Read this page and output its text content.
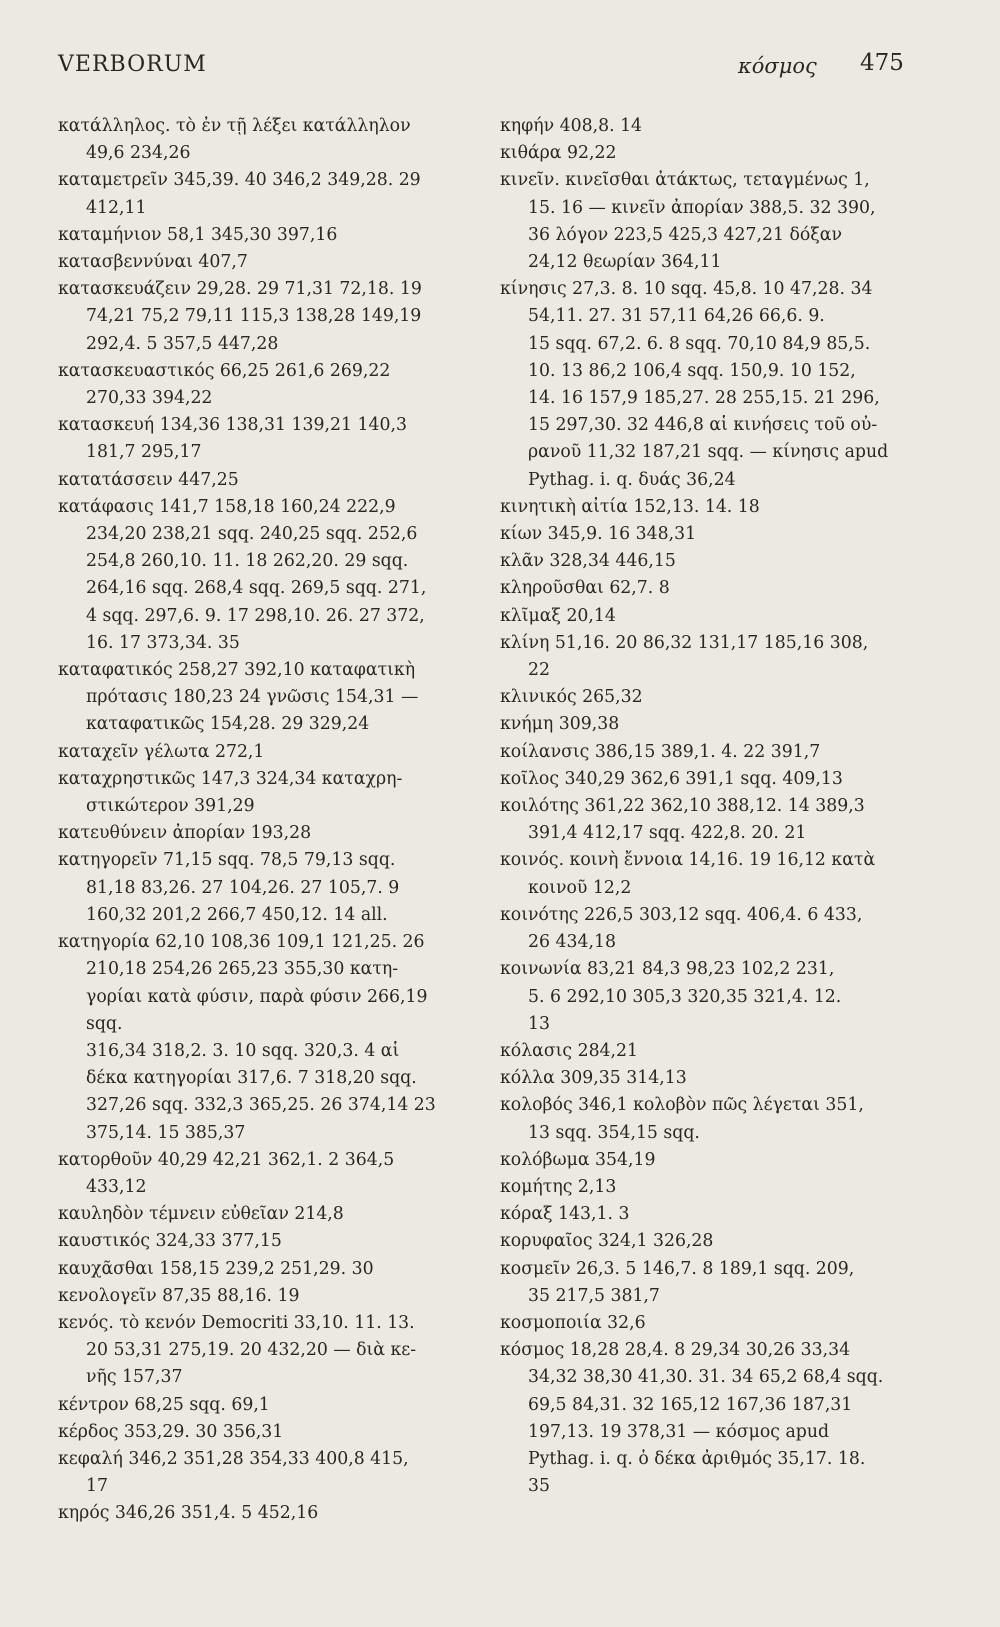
VERBORUM	κόσμος 475
κατάλληλος. τὸ ἐν τῇ λέξει κατάλληλον
49,6 234,26
καταμετρεῖν 345,39. 40 346,2 349,28. 29
412,11
καταμήνιον 58,1 345,30 397,16
κατασβεννύναι 407,7
κατασκευάζειν 29,28. 29 71,31 72,18. 19
74,21 75,2 79,11 115,3 138,28 149,19
292,4. 5 357,5 447,28
κατασκευαστικός 66,25 261,6 269,22
270,33 394,22
κατασκευή 134,36 138,31 139,21 140,3
181,7 295,17
κατατάσσειν 447,25
κατάφασις 141,7 158,18 160,24 222,9
234,20 238,21 sqq. 240,25 sqq. 252,6
254,8 260,10. 11. 18 262,20. 29 sqq.
264,16 sqq. 268,4 sqq. 269,5 sqq. 271,
4 sqq. 297,6. 9. 17 298,10. 26. 27 372,
16. 17 373,34. 35
καταφατικός 258,27 392,10 καταφατικὴ
πρότασις 180,23 24 γνῶσις 154,31 —
καταφατικῶς 154,28. 29 329,24
καταχεῖν γέλωτα 272,1
καταχρηστικῶς 147,3 324,34 καταχρη-
στικώτερον 391,29
κατευθύνειν ἀπορίαν 193,28
κατηγορεῖν 71,15 sqq. 78,5 79,13 sqq.
81,18 83,26. 27 104,26. 27 105,7. 9
160,32 201,2 266,7 450,12. 14 all.
κατηγορία 62,10 108,36 109,1 121,25. 26
210,18 254,26 265,23 355,30 κατη-
γορίαι κατὰ φύσιν, παρὰ φύσιν 266,19 sqq.
316,34 318,2. 3. 10 sqq. 320,3. 4 αἱ
δέκα κατηγορίαι 317,6. 7 318,20 sqq.
327,26 sqq. 332,3 365,25. 26 374,14 23
375,14. 15 385,37
κατορθοῦν 40,29 42,21 362,1. 2 364,5
433,12
καυληδὸν τέμνειν εὐθεῖαν 214,8
καυστικός 324,33 377,15
καυχᾶσθαι 158,15 239,2 251,29. 30
κενολογεῖν 87,35 88,16. 19
κενός. τὸ κενόν Democriti 33,10. 11. 13.
20 53,31 275,19. 20 432,20 — διὰ κε-
νῆς 157,37
κέντρον 68,25 sqq. 69,1
κέρδος 353,29. 30 356,31
κεφαλή 346,2 351,28 354,33 400,8 415,
17
κηρός 346,26 351,4. 5 452,16
κηφήν 408,8. 14
κιθάρα 92,22
κινεῖν. κινεῖσθαι ἀτάκτως, τεταγμένως 1,
15. 16 — κινεῖν ἀπορίαν 388,5. 32 390,
36 λόγον 223,5 425,3 427,21 δόξαν
24,12 θεωρίαν 364,11
κίνησις 27,3. 8. 10 sqq. 45,8. 10 47,28. 34
54,11. 27. 31 57,11 64,26 66,6. 9.
15 sqq. 67,2. 6. 8 sqq. 70,10 84,9 85,5.
10. 13 86,2 106,4 sqq. 150,9. 10 152,
14. 16 157,9 185,27. 28 255,15. 21 296,
15 297,30. 32 446,8 αἱ κινήσεις τοῦ οὐ-
ρανοῦ 11,32 187,21 sqq. — κίνησις apud
Pythag. i. q. δυάς 36,24
κινητικὴ αἰτία 152,13. 14. 18
κίων 345,9. 16 348,31
κλᾶν 328,34 446,15
κληροῦσθαι 62,7. 8
κλῖμαξ 20,14
κλίνη 51,16. 20 86,32 131,17 185,16 308,
22
κλινικός 265,32
κνήμη 309,38
κοίλανσις 386,15 389,1. 4. 22 391,7
κοῖλος 340,29 362,6 391,1 sqq. 409,13
κοιλότης 361,22 362,10 388,12. 14 389,3
391,4 412,17 sqq. 422,8. 20. 21
κοινός. κοινὴ ἔννοια 14,16. 19 16,12 κατὰ
κοινοῦ 12,2
κοινότης 226,5 303,12 sqq. 406,4. 6 433,
26 434,18
κοινωνία 83,21 84,3 98,23 102,2 231,
5. 6 292,10 305,3 320,35 321,4. 12.
13
κόλασις 284,21
κόλλα 309,35 314,13
κολοβός 346,1 κολοβὸν πῶς λέγεται 351,
13 sqq. 354,15 sqq.
κολόβωμα 354,19
κομήτης 2,13
κόραξ 143,1. 3
κορυφαῖος 324,1 326,28
κοσμεῖν 26,3. 5 146,7. 8 189,1 sqq. 209,
35 217,5 381,7
κοσμοποιία 32,6
κόσμος 18,28 28,4. 8 29,34 30,26 33,34
34,32 38,30 41,30. 31. 34 65,2 68,4 sqq.
69,5 84,31. 32 165,12 167,36 187,31
197,13. 19 378,31 — κόσμος apud
Pythag. i. q. ὁ δέκα ἀριθμός 35,17. 18.
35
